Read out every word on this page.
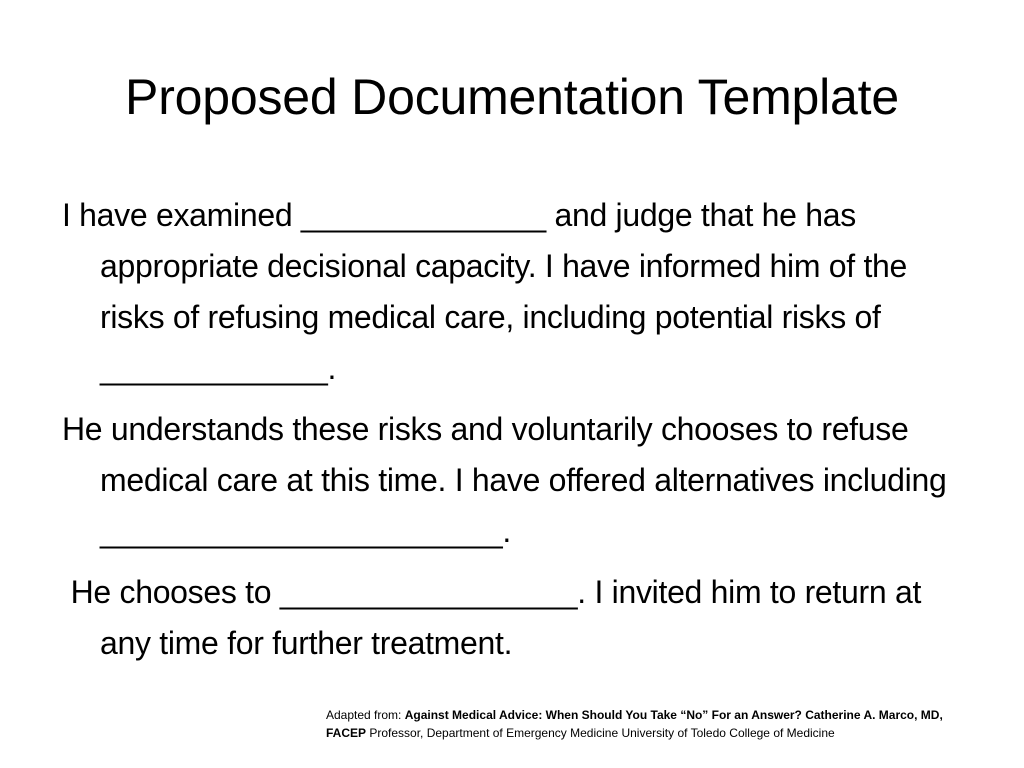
Proposed Documentation Template

I have examined ______________ and judge that he has appropriate decisional capacity. I have informed him of the risks of refusing medical care, including potential risks of _____________.

He understands these risks and voluntarily chooses to refuse medical care at this time. I have offered alternatives including _______________________.

He chooses to _________________. I invited him to return at any time for further treatment.

Adapted from: Against Medical Advice: When Should You Take “No” For an Answer? Catherine A. Marco, MD, FACEP Professor, Department of Emergency Medicine University of Toledo College of Medicine
